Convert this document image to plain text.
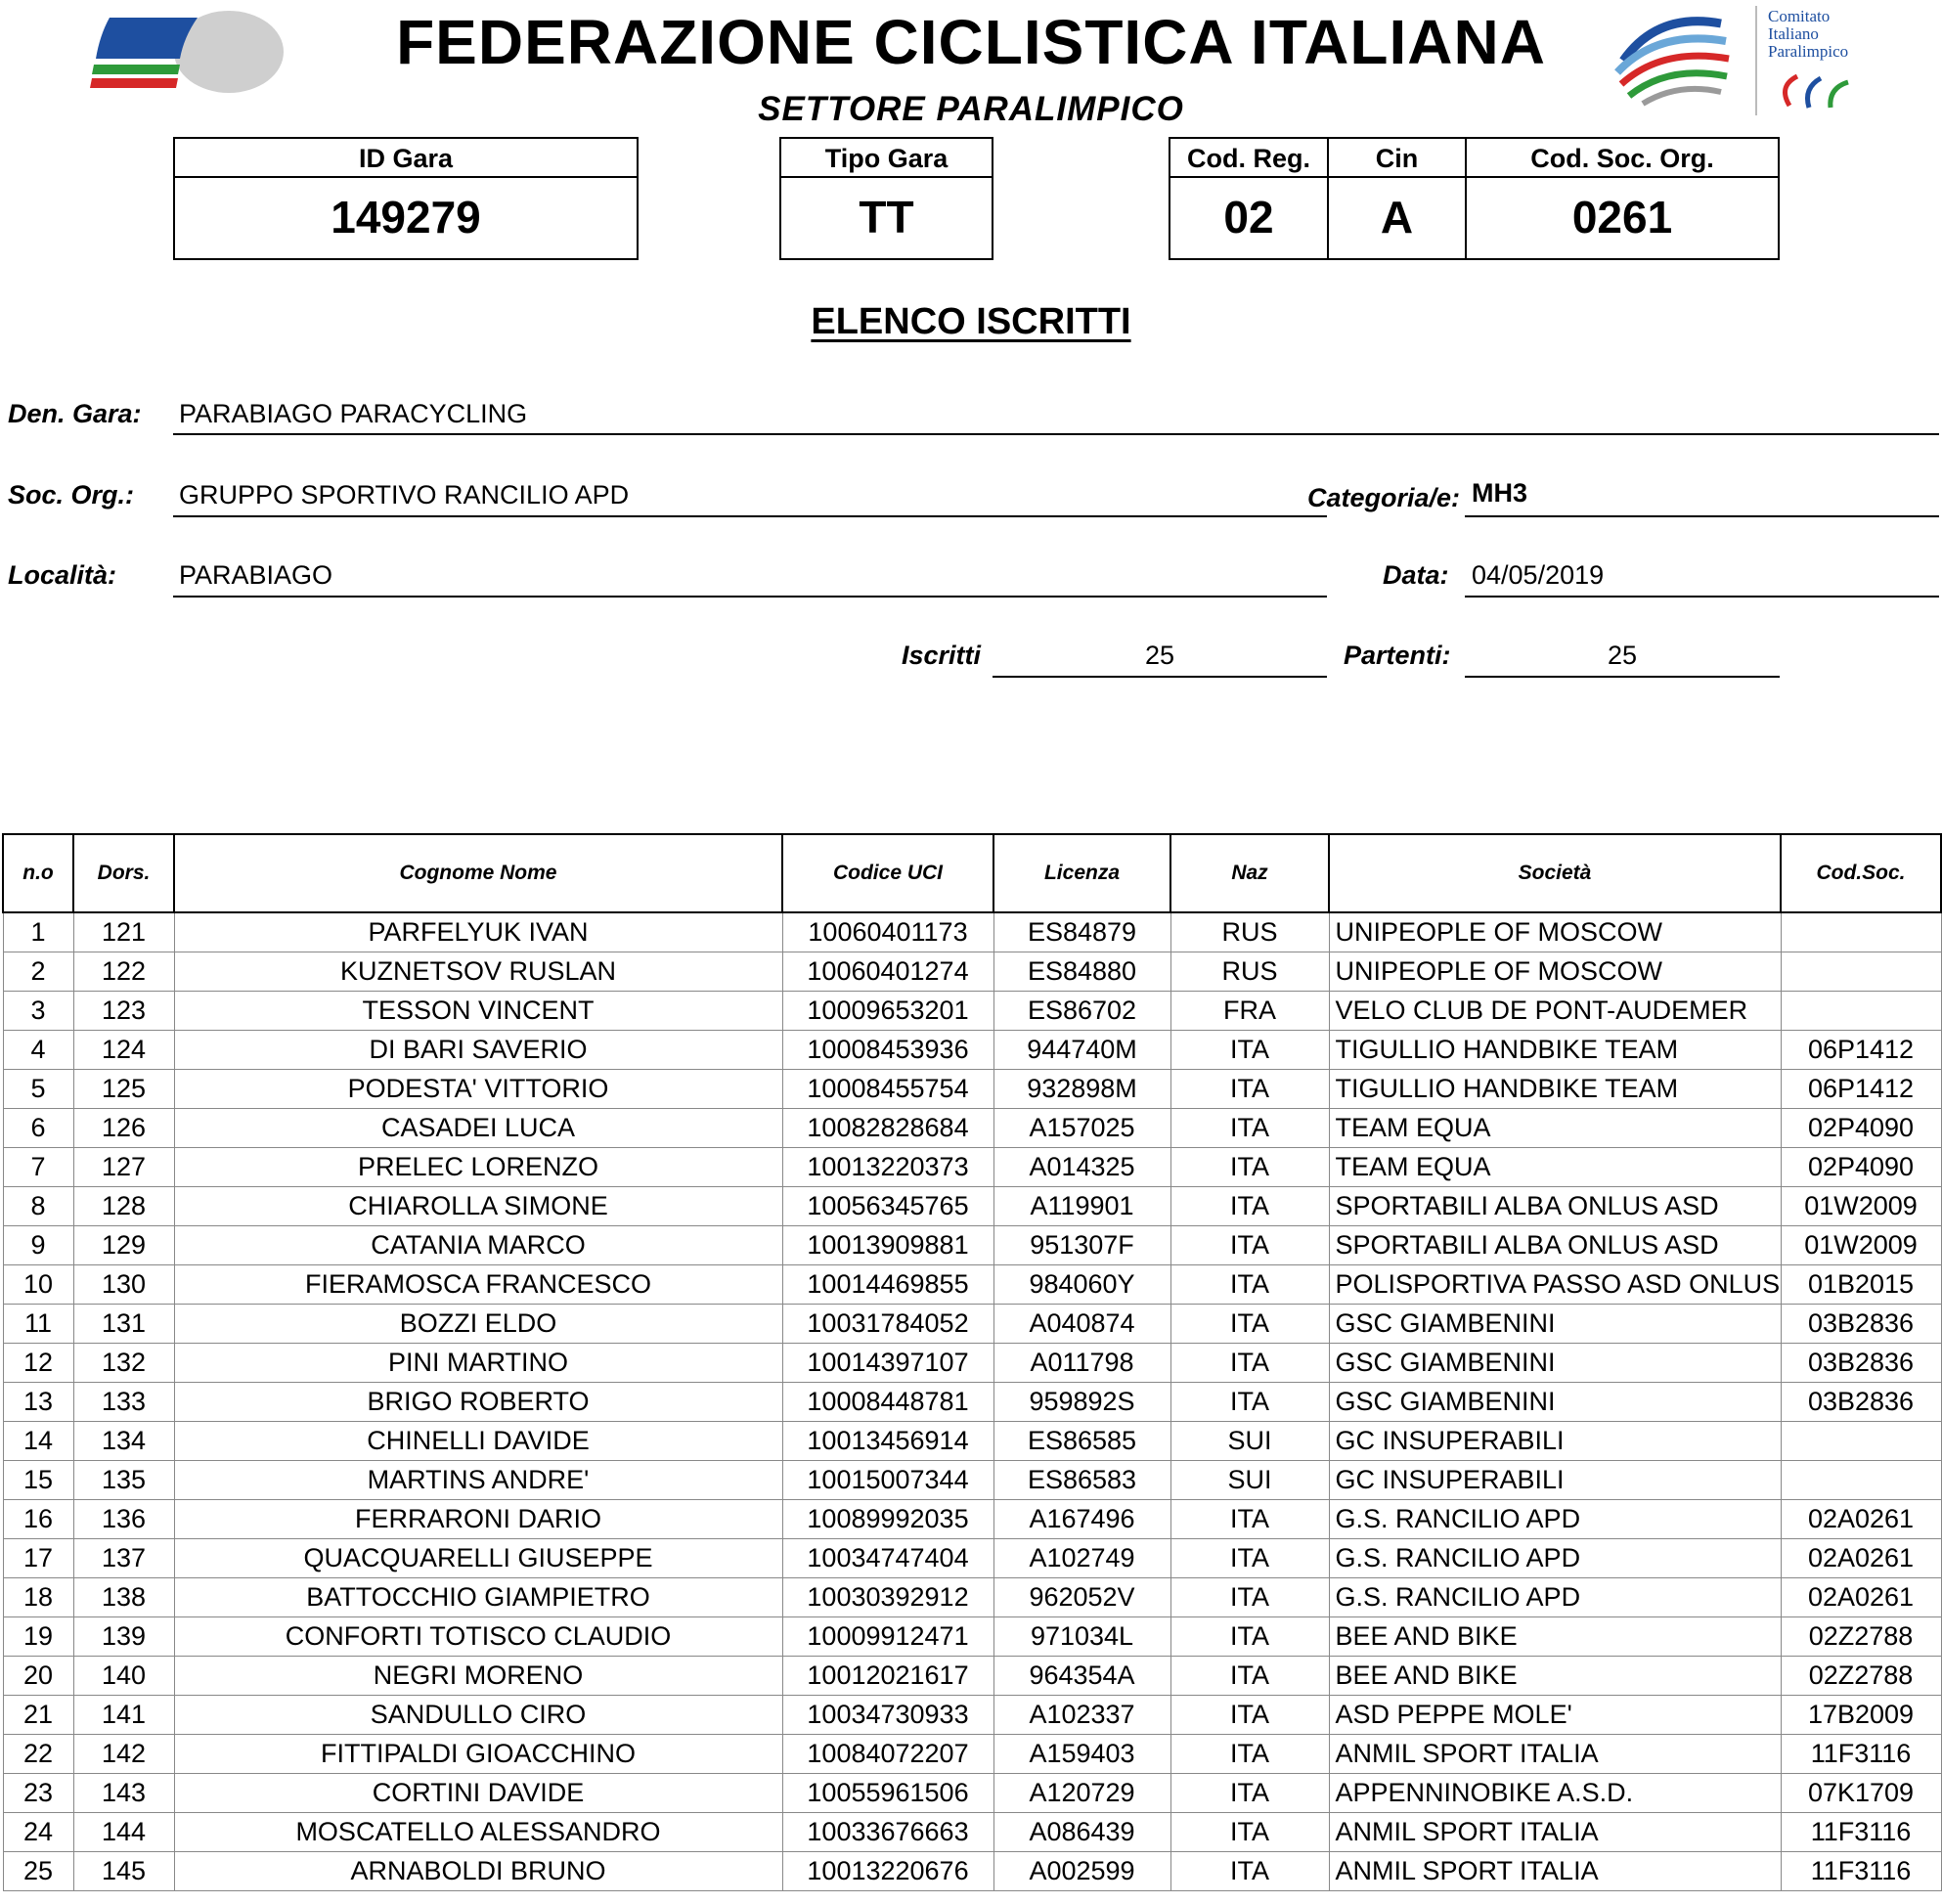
Comitato
Italiano
Paralimpico
FEDERAZIONE CICLISTICA ITALIANA
SETTORE PARALIMPICO
ID Gara
149279
Tipo Gara
TT
Cod. Reg.
02
Cin
A
Cod. Soc. Org.
0261
ELENCO ISCRITTI
Den. Gara: PARABIAGO PARACYCLING
Soc. Org.: GRUPPO SPORTIVO RANCILIO APD	Categoria/e: MH3
Località: PARABIAGO	Data: 04/05/2019
Iscritti	25	Partenti:	25
n.o	Dors.	Cognome Nome	Codice UCI	Licenza	Naz	Società	Cod.Soc.
1	121	PARFELYUK IVAN	10060401173	ES84879	RUS	UNIPEOPLE OF MOSCOW	
2	122	KUZNETSOV RUSLAN	10060401274	ES84880	RUS	UNIPEOPLE OF MOSCOW	
3	123	TESSON VINCENT	10009653201	ES86702	FRA	VELO CLUB DE PONT-AUDEMER	
4	124	DI BARI SAVERIO	10008453936	944740M	ITA	TIGULLIO HANDBIKE TEAM	06P1412
5	125	PODESTA' VITTORIO	10008455754	932898M	ITA	TIGULLIO HANDBIKE TEAM	06P1412
6	126	CASADEI LUCA	10082828684	A157025	ITA	TEAM EQUA	02P4090
7	127	PRELEC LORENZO	10013220373	A014325	ITA	TEAM EQUA	02P4090
8	128	CHIAROLLA SIMONE	10056345765	A119901	ITA	SPORTABILI ALBA ONLUS ASD	01W2009
9	129	CATANIA MARCO	10013909881	951307F	ITA	SPORTABILI ALBA ONLUS ASD	01W2009
10	130	FIERAMOSCA FRANCESCO	10014469855	984060Y	ITA	POLISPORTIVA PASSO ASD ONLUS	01B2015
11	131	BOZZI ELDO	10031784052	A040874	ITA	GSC GIAMBENINI	03B2836
12	132	PINI MARTINO	10014397107	A011798	ITA	GSC GIAMBENINI	03B2836
13	133	BRIGO ROBERTO	10008448781	959892S	ITA	GSC GIAMBENINI	03B2836
14	134	CHINELLI DAVIDE	10013456914	ES86585	SUI	GC INSUPERABILI	
15	135	MARTINS ANDRE'	10015007344	ES86583	SUI	GC INSUPERABILI	
16	136	FERRARONI DARIO	10089992035	A167496	ITA	G.S. RANCILIO APD	02A0261
17	137	QUACQUARELLI GIUSEPPE	10034747404	A102749	ITA	G.S. RANCILIO APD	02A0261
18	138	BATTOCCHIO GIAMPIETRO	10030392912	962052V	ITA	G.S. RANCILIO APD	02A0261
19	139	CONFORTI TOTISCO CLAUDIO	10009912471	971034L	ITA	BEE AND BIKE	02Z2788
20	140	NEGRI MORENO	10012021617	964354A	ITA	BEE AND BIKE	02Z2788
21	141	SANDULLO CIRO	10034730933	A102337	ITA	ASD PEPPE MOLE'	17B2009
22	142	FITTIPALDI GIOACCHINO	10084072207	A159403	ITA	ANMIL SPORT ITALIA	11F3116
23	143	CORTINI DAVIDE	10055961506	A120729	ITA	APPENNINOBIKE A.S.D.	07K1709
24	144	MOSCATELLO ALESSANDRO	10033676663	A086439	ITA	ANMIL SPORT ITALIA	11F3116
25	145	ARNABOLDI BRUNO	10013220676	A002599	ITA	ANMIL SPORT ITALIA	11F3116
